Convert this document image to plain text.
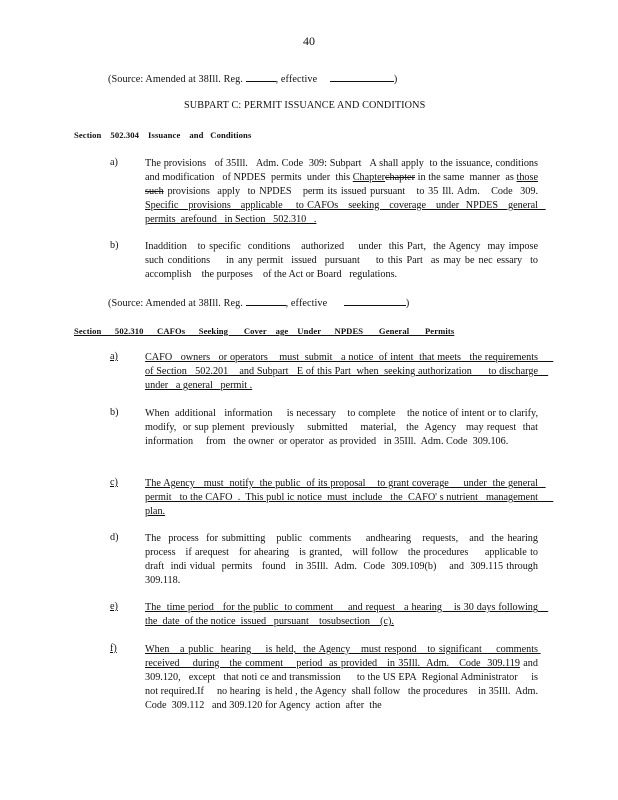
40
(Source: Amended at 38Ill. Reg.	, effective	)
SUBPART C: PERMIT ISSUANCE AND CONDITIONS
Section    502.304    Issuance    and   Conditions
a)	The provisions   of 35Ill.   Adm. Code  309: Subpart   A shall apply  to the issuance, conditions  and modification   of NPDES  permits  under  this Chapterchapter in the same  manner  as those such provisions  apply  to NPDES   perm its issued pursuant   to 35 Ill. Adm.   Code  309.  Specific   provisions   applicable    to CAFOs   seeking   coverage   under  NPDES   general   permits  arefound   in Section   502.310   .
b)	Inaddition   to specific  conditions   authorized    under  this Part,  the Agency  may impose  such conditions    in any permit  issued  pursuant    to this Part  as may be nec essary  to accomplish    the purposes    of the Act or Board   regulations.
(Source: Amended at 38Ill. Reg.	, effective	)
Section      502.310      CAFOs      Seeking       Cover    age    Under      NPDES       General       Permits
a)	CAFO   owners   or operators    must  submit   a notice  of intent  that meets   the requirements      of Section   502.201    and Subpart   E of this Part  when  seeking authorization      to discharge    under   a general   permit .
b)	When  additional   information     is necessary    to complete    the notice of intent or to clarify,  modify,  or sup plement  previously    submitted    material,   the  Agency   may request  that information     from   the owner  or operator  as provided   in 35Ill.  Adm. Code  309.106.
c)	The Agency   must  notify  the public  of its proposal    to grant coverage     under  the general   permit   to the CAFO  .  This publ ic notice  must  include   the  CAFO' s nutrient   management      plan.
d)	The  process  for submitting   public  comments    andhearing   requests,   and  the hearing process   if arequest   for ahearing   is granted,   will follow   the procedures     applicable to draft  indi vidual  permits   found   in 35Ill.  Adm.  Code  309.109(b)    and  309.115 through   309.118.
e)	The  time period   for the public  to comment     and request   a hearing    is 30 days following    the  date  of the notice  issued   pursuant    tosubsection    (c).
f)	When   a public  hearing    is held,  the Agency   must respond   to significant    comments received    during   the comment    period  as provided   in 35Ill.  Adm.   Code  309.119 and 309.120,   except   that noti ce and transmission      to the US EPA  Regional Administrator     is not required.If     no hearing  is held , the Agency  shall follow   the procedures    in 35Ill.  Adm.  Code  309.112   and 309.120 for Agency  action  after  the
